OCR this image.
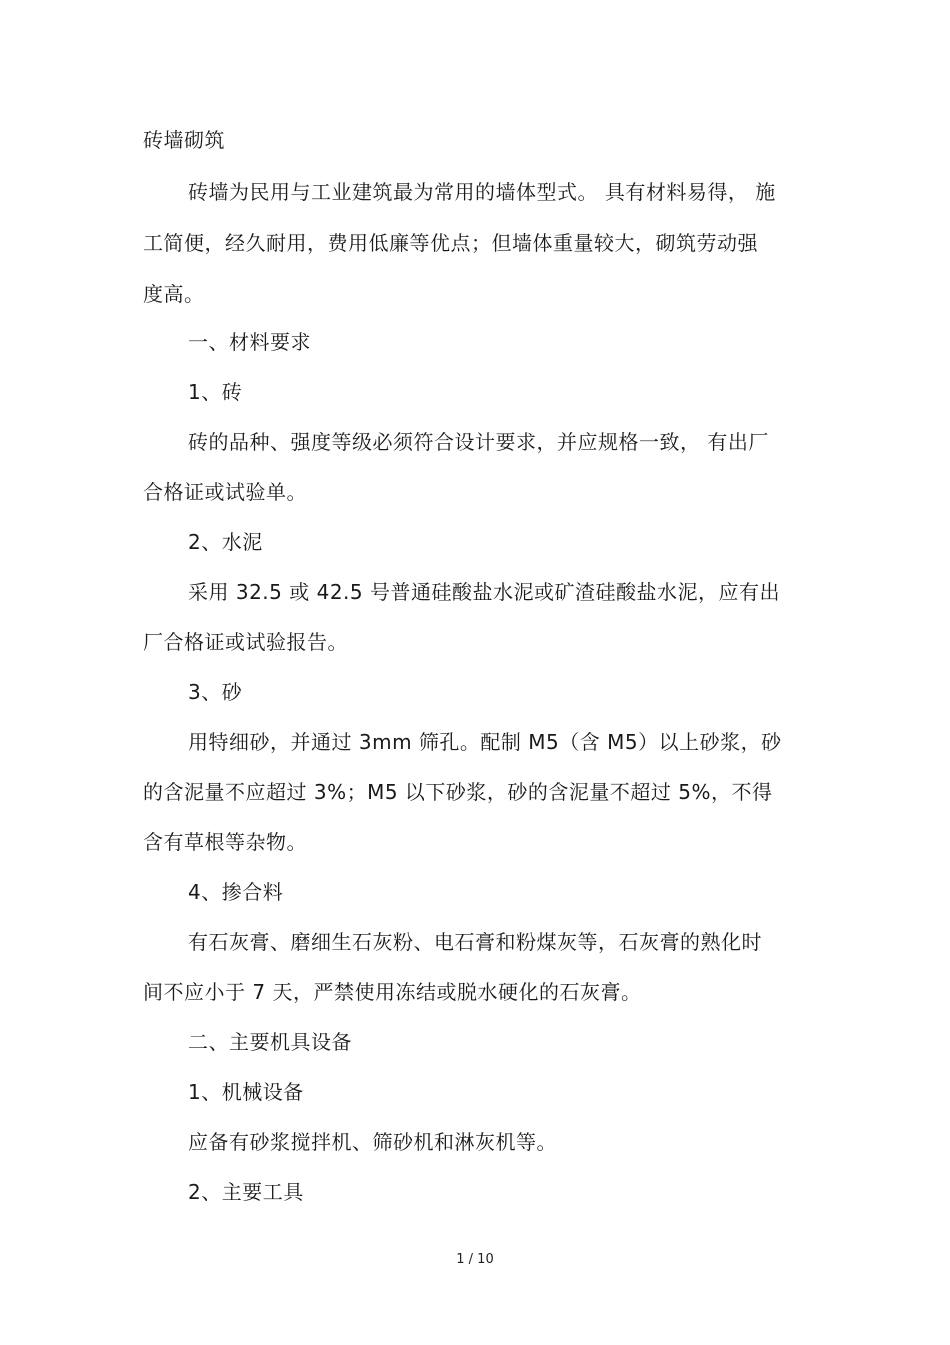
砖墙砌筑
砖墙为民用与工业建筑最为常用的墙体型式。 具有材料易得， 施
工简便，经久耐用，费用低廉等优点；但墙体重量较大，砌筑劳动强
度高。
一、材料要求
1、砖
砖的品种、强度等级必须符合设计要求，并应规格一致， 有出厂
合格证或试验单。
2、水泥
采用 32.5 或 42.5 号普通硅酸盐水泥或矿渣硅酸盐水泥，应有出
厂合格证或试验报告。
3、砂
用特细砂，并通过 3mm 筛孔。配制 M5（含 M5）以上砂浆，砂
的含泥量不应超过 3%；M5 以下砂浆，砂的含泥量不超过 5%，不得
含有草根等杂物。
4、掺合料
有石灰膏、磨细生石灰粉、电石膏和粉煤灰等，石灰膏的熟化时
间不应小于 7 天，严禁使用冻结或脱水硬化的石灰膏。
二、主要机具设备
1、机械设备
应备有砂浆搅拌机、筛砂机和淋灰机等。
2、主要工具
1 / 10
